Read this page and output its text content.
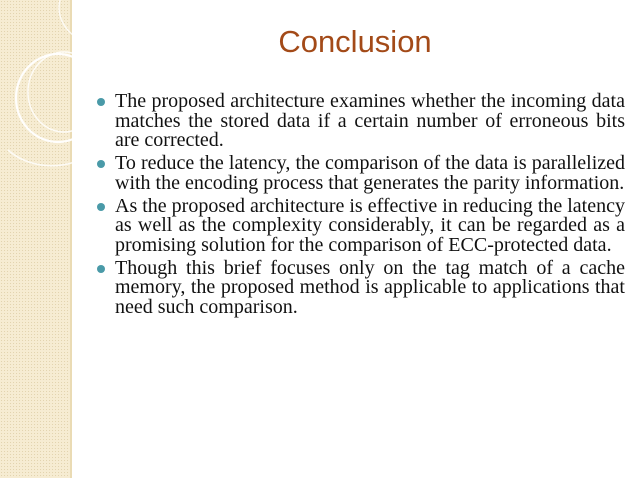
Conclusion
The proposed architecture examines whether the incoming data matches the stored data if a certain number of erroneous bits are corrected.
To reduce the latency, the comparison of the data is parallelized with the encoding process that generates the parity information.
As the proposed architecture is effective in reducing the latency as well as the complexity considerably, it can be regarded as a promising solution for the comparison of ECC-protected data.
Though this brief focuses only on the tag match of a cache memory, the proposed method is applicable to applications that need such comparison.
